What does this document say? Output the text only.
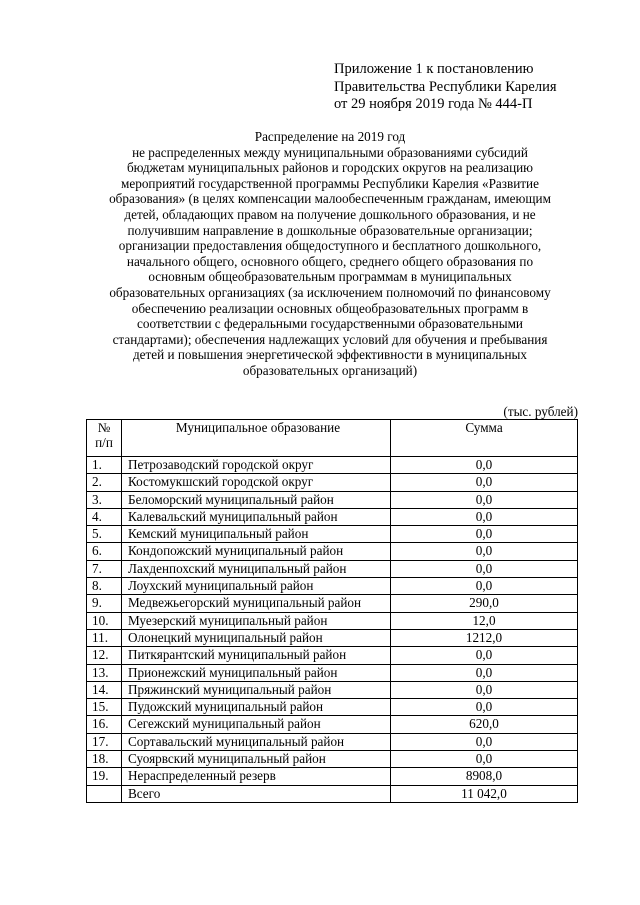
Приложение 1 к постановлению
Правительства Республики Карелия
от 29 ноября 2019 года № 444-П
Распределение на 2019 год
не распределенных между муниципальными образованиями субсидий
бюджетам муниципальных районов и городских округов на реализацию
мероприятий государственной программы Республики Карелия «Развитие
образования» (в целях компенсации малообеспеченным гражданам, имеющим
детей, обладающих правом на получение дошкольного образования, и не
получившим направление в дошкольные образовательные организации;
организации предоставления общедоступного и бесплатного дошкольного,
начального общего, основного общего, среднего общего образования по
основным общеобразовательным программам в муниципальных
образовательных организациях (за исключением полномочий по финансовому
обеспечению реализации основных общеобразовательных программ в
соответствии с федеральными государственными образовательными
стандартами); обеспечения надлежащих условий для обучения и пребывания
детей и повышения энергетической эффективности в муниципальных
образовательных организаций)
(тыс. рублей)
№
п/п	Муниципальное образование	Сумма
1.	Петрозаводский городской округ	0,0
2.	Костомукшский городской округ	0,0
3.	Беломорский муниципальный район	0,0
4.	Калевальский муниципальный район	0,0
5.	Кемский муниципальный район	0,0
6.	Кондопожский муниципальный район	0,0
7.	Лахденпохский муниципальный район	0,0
8.	Лоухский муниципальный район	0,0
9.	Медвежьегорский муниципальный район	290,0
10.	Муезерский муниципальный район	12,0
11.	Олонецкий муниципальный район	1212,0
12.	Питкярантский муниципальный район	0,0
13.	Прионежский муниципальный район	0,0
14.	Пряжинский муниципальный район	0,0
15.	Пудожский муниципальный район	0,0
16.	Сегежский муниципальный район	620,0
17.	Сортавальский муниципальный район	0,0
18.	Суоярвский муниципальный район	0,0
19.	Нераспределенный резерв	8908,0
	Всего	11 042,0
